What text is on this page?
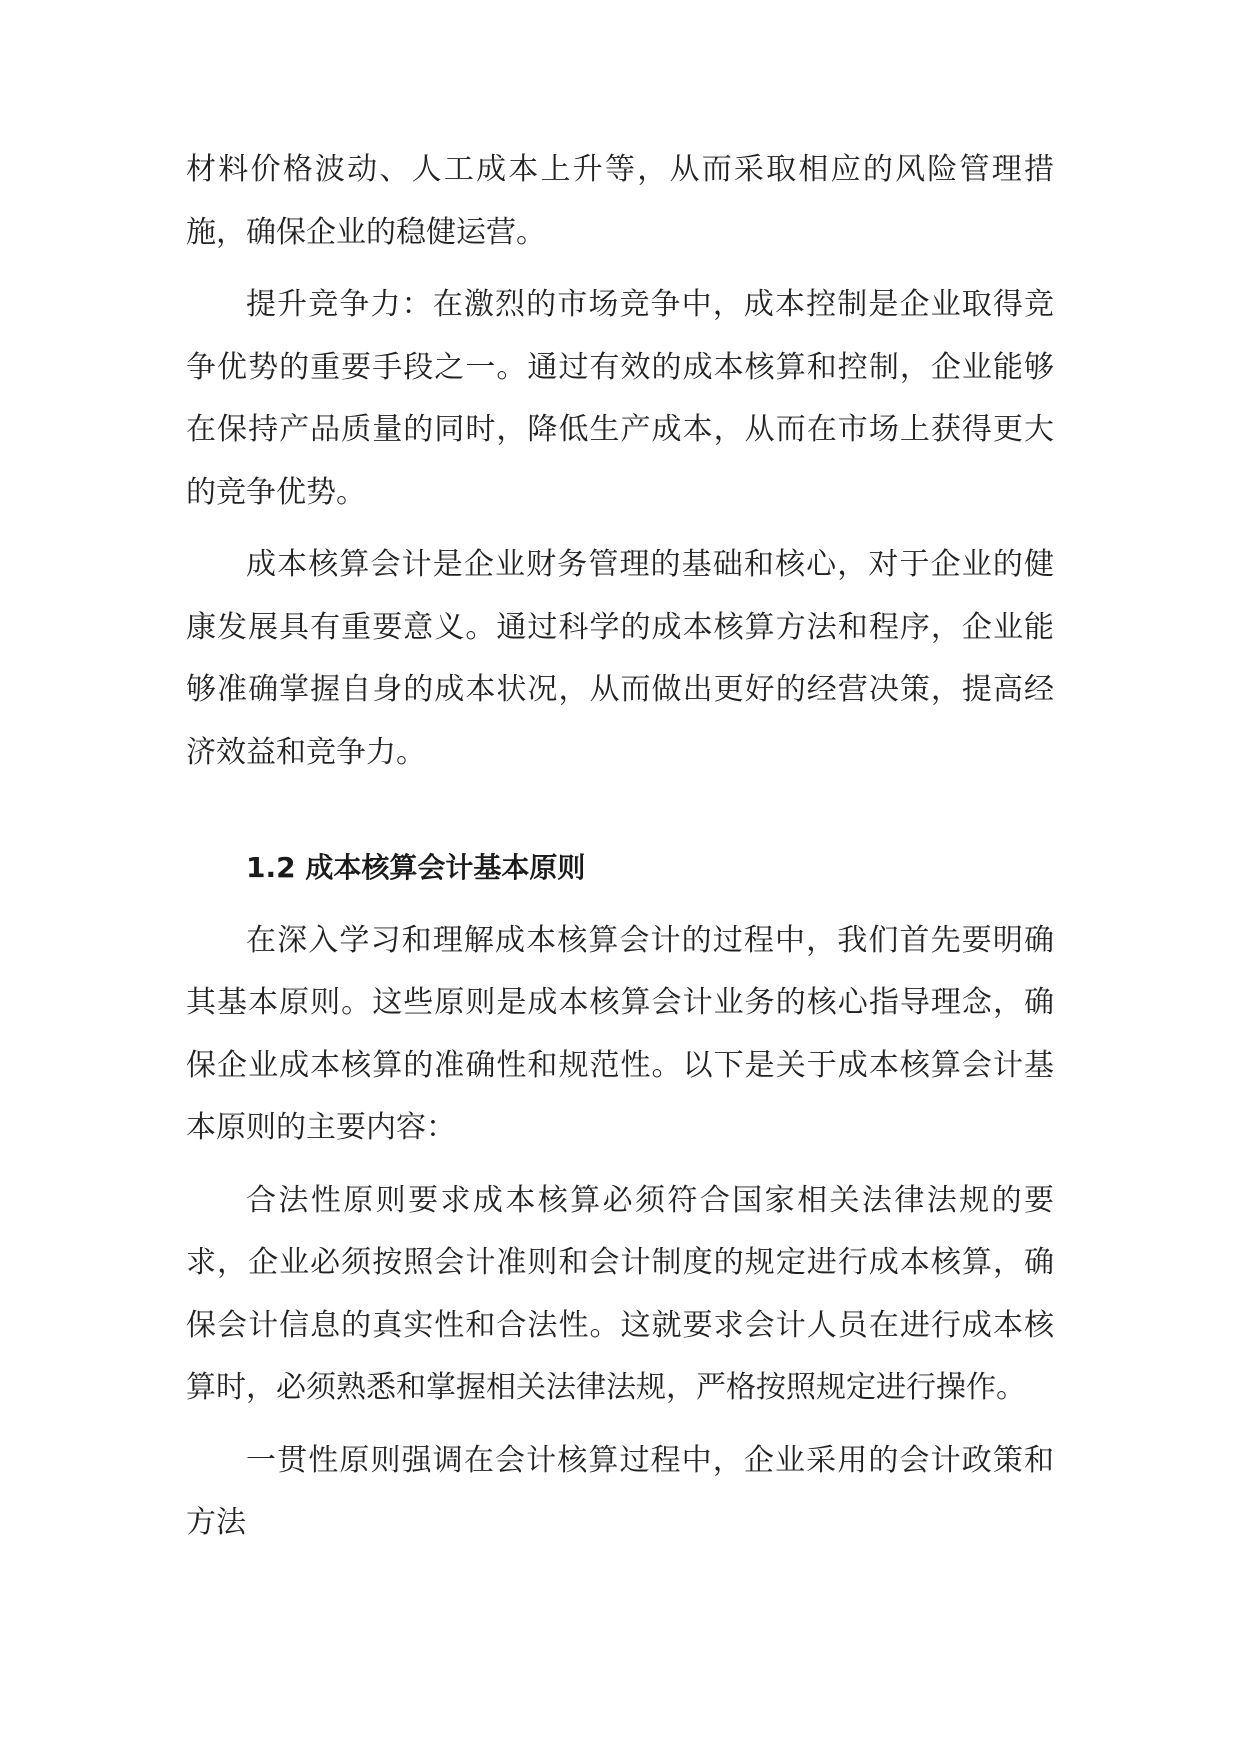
材料价格波动、人工成本上升等，从而采取相应的风险管理措施，确保企业的稳健运营。

提升竞争力：在激烈的市场竞争中，成本控制是企业取得竞争优势的重要手段之一。通过有效的成本核算和控制，企业能够在保持产品质量的同时，降低生产成本，从而在市场上获得更大的竞争优势。

成本核算会计是企业财务管理的基础和核心，对于企业的健康发展具有重要意义。通过科学的成本核算方法和程序，企业能够准确掌握自身的成本状况，从而做出更好的经营决策，提高经济效益和竞争力。

1.2 成本核算会计基本原则

在深入学习和理解成本核算会计的过程中，我们首先要明确其基本原则。这些原则是成本核算会计业务的核心指导理念，确保企业成本核算的准确性和规范性。以下是关于成本核算会计基本原则的主要内容：

合法性原则要求成本核算必须符合国家相关法律法规的要求，企业必须按照会计准则和会计制度的规定进行成本核算，确保会计信息的真实性和合法性。这就要求会计人员在进行成本核算时，必须熟悉和掌握相关法律法规，严格按照规定进行操作。

一贯性原则强调在会计核算过程中，企业采用的会计政策和方法
